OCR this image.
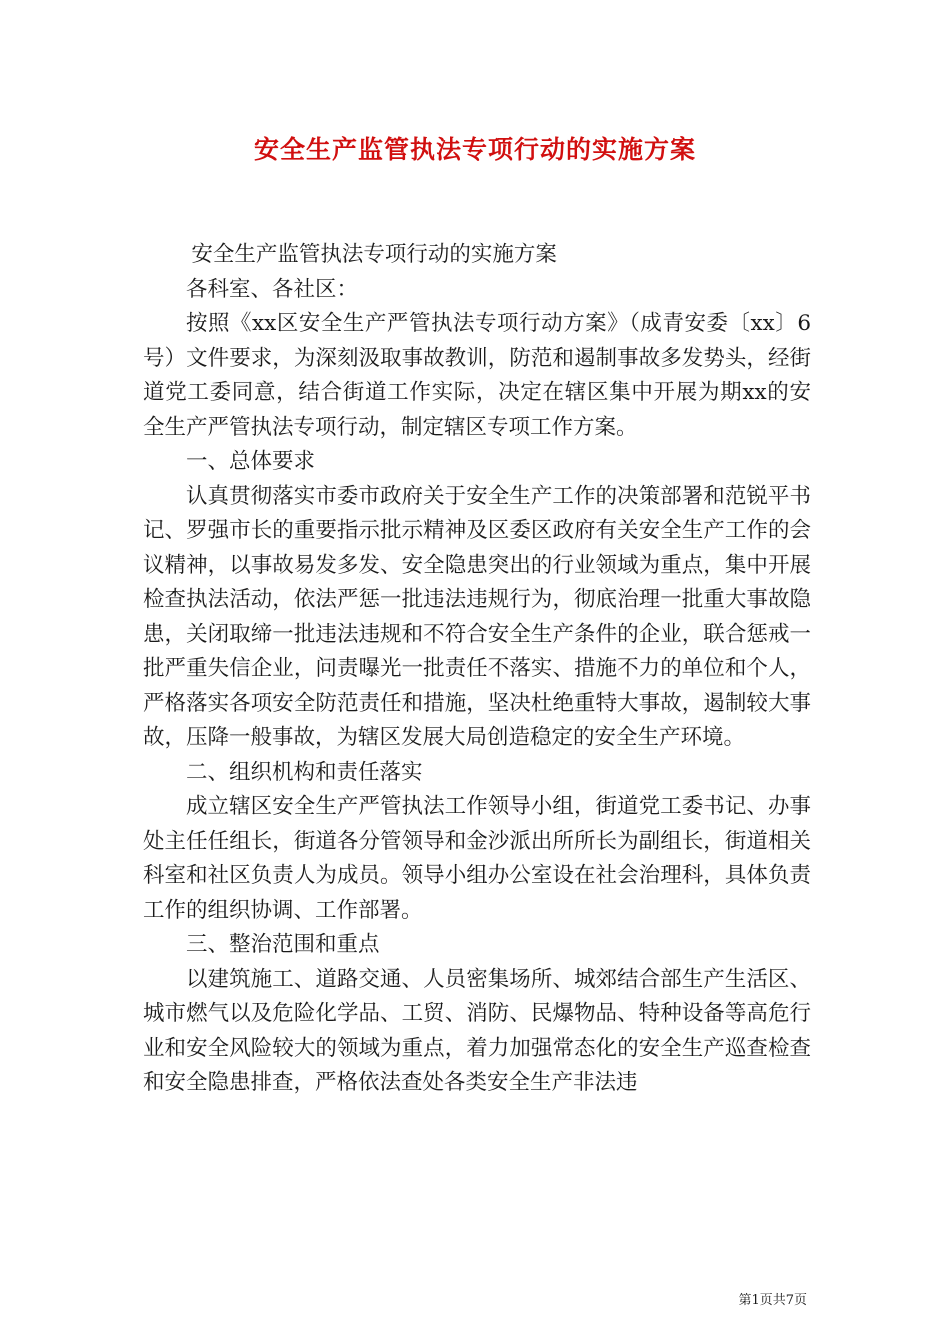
安全生产监管执法专项行动的实施方案

安全生产监管执法专项行动的实施方案

各科室、各社区：

按照《xx区安全生产严管执法专项行动方案》（成青安委〔xx〕6号）文件要求，为深刻汲取事故教训，防范和遏制事故多发势头，经街道党工委同意，结合街道工作实际，决定在辖区集中开展为期xx的安全生产严管执法专项行动，制定辖区专项工作方案。

一、总体要求

认真贯彻落实市委市政府关于安全生产工作的决策部署和范锐平书记、罗强市长的重要指示批示精神及区委区政府有关安全生产工作的会议精神，以事故易发多发、安全隐患突出的行业领域为重点，集中开展检查执法活动，依法严惩一批违法违规行为，彻底治理一批重大事故隐患，关闭取缔一批违法违规和不符合安全生产条件的企业，联合惩戒一批严重失信企业，问责曝光一批责任不落实、措施不力的单位和个人，严格落实各项安全防范责任和措施，坚决杜绝重特大事故，遏制较大事故，压降一般事故，为辖区发展大局创造稳定的安全生产环境。

二、组织机构和责任落实

成立辖区安全生产严管执法工作领导小组，街道党工委书记、办事处主任任组长，街道各分管领导和金沙派出所所长为副组长，街道相关科室和社区负责人为成员。领导小组办公室设在社会治理科，具体负责工作的组织协调、工作部署。

三、整治范围和重点

以建筑施工、道路交通、人员密集场所、城郊结合部生产生活区、城市燃气以及危险化学品、工贸、消防、民爆物品、特种设备等高危行业和安全风险较大的领域为重点，着力加强常态化的安全生产巡查检查和安全隐患排查，严格依法查处各类安全生产非法违

第1页共7页
